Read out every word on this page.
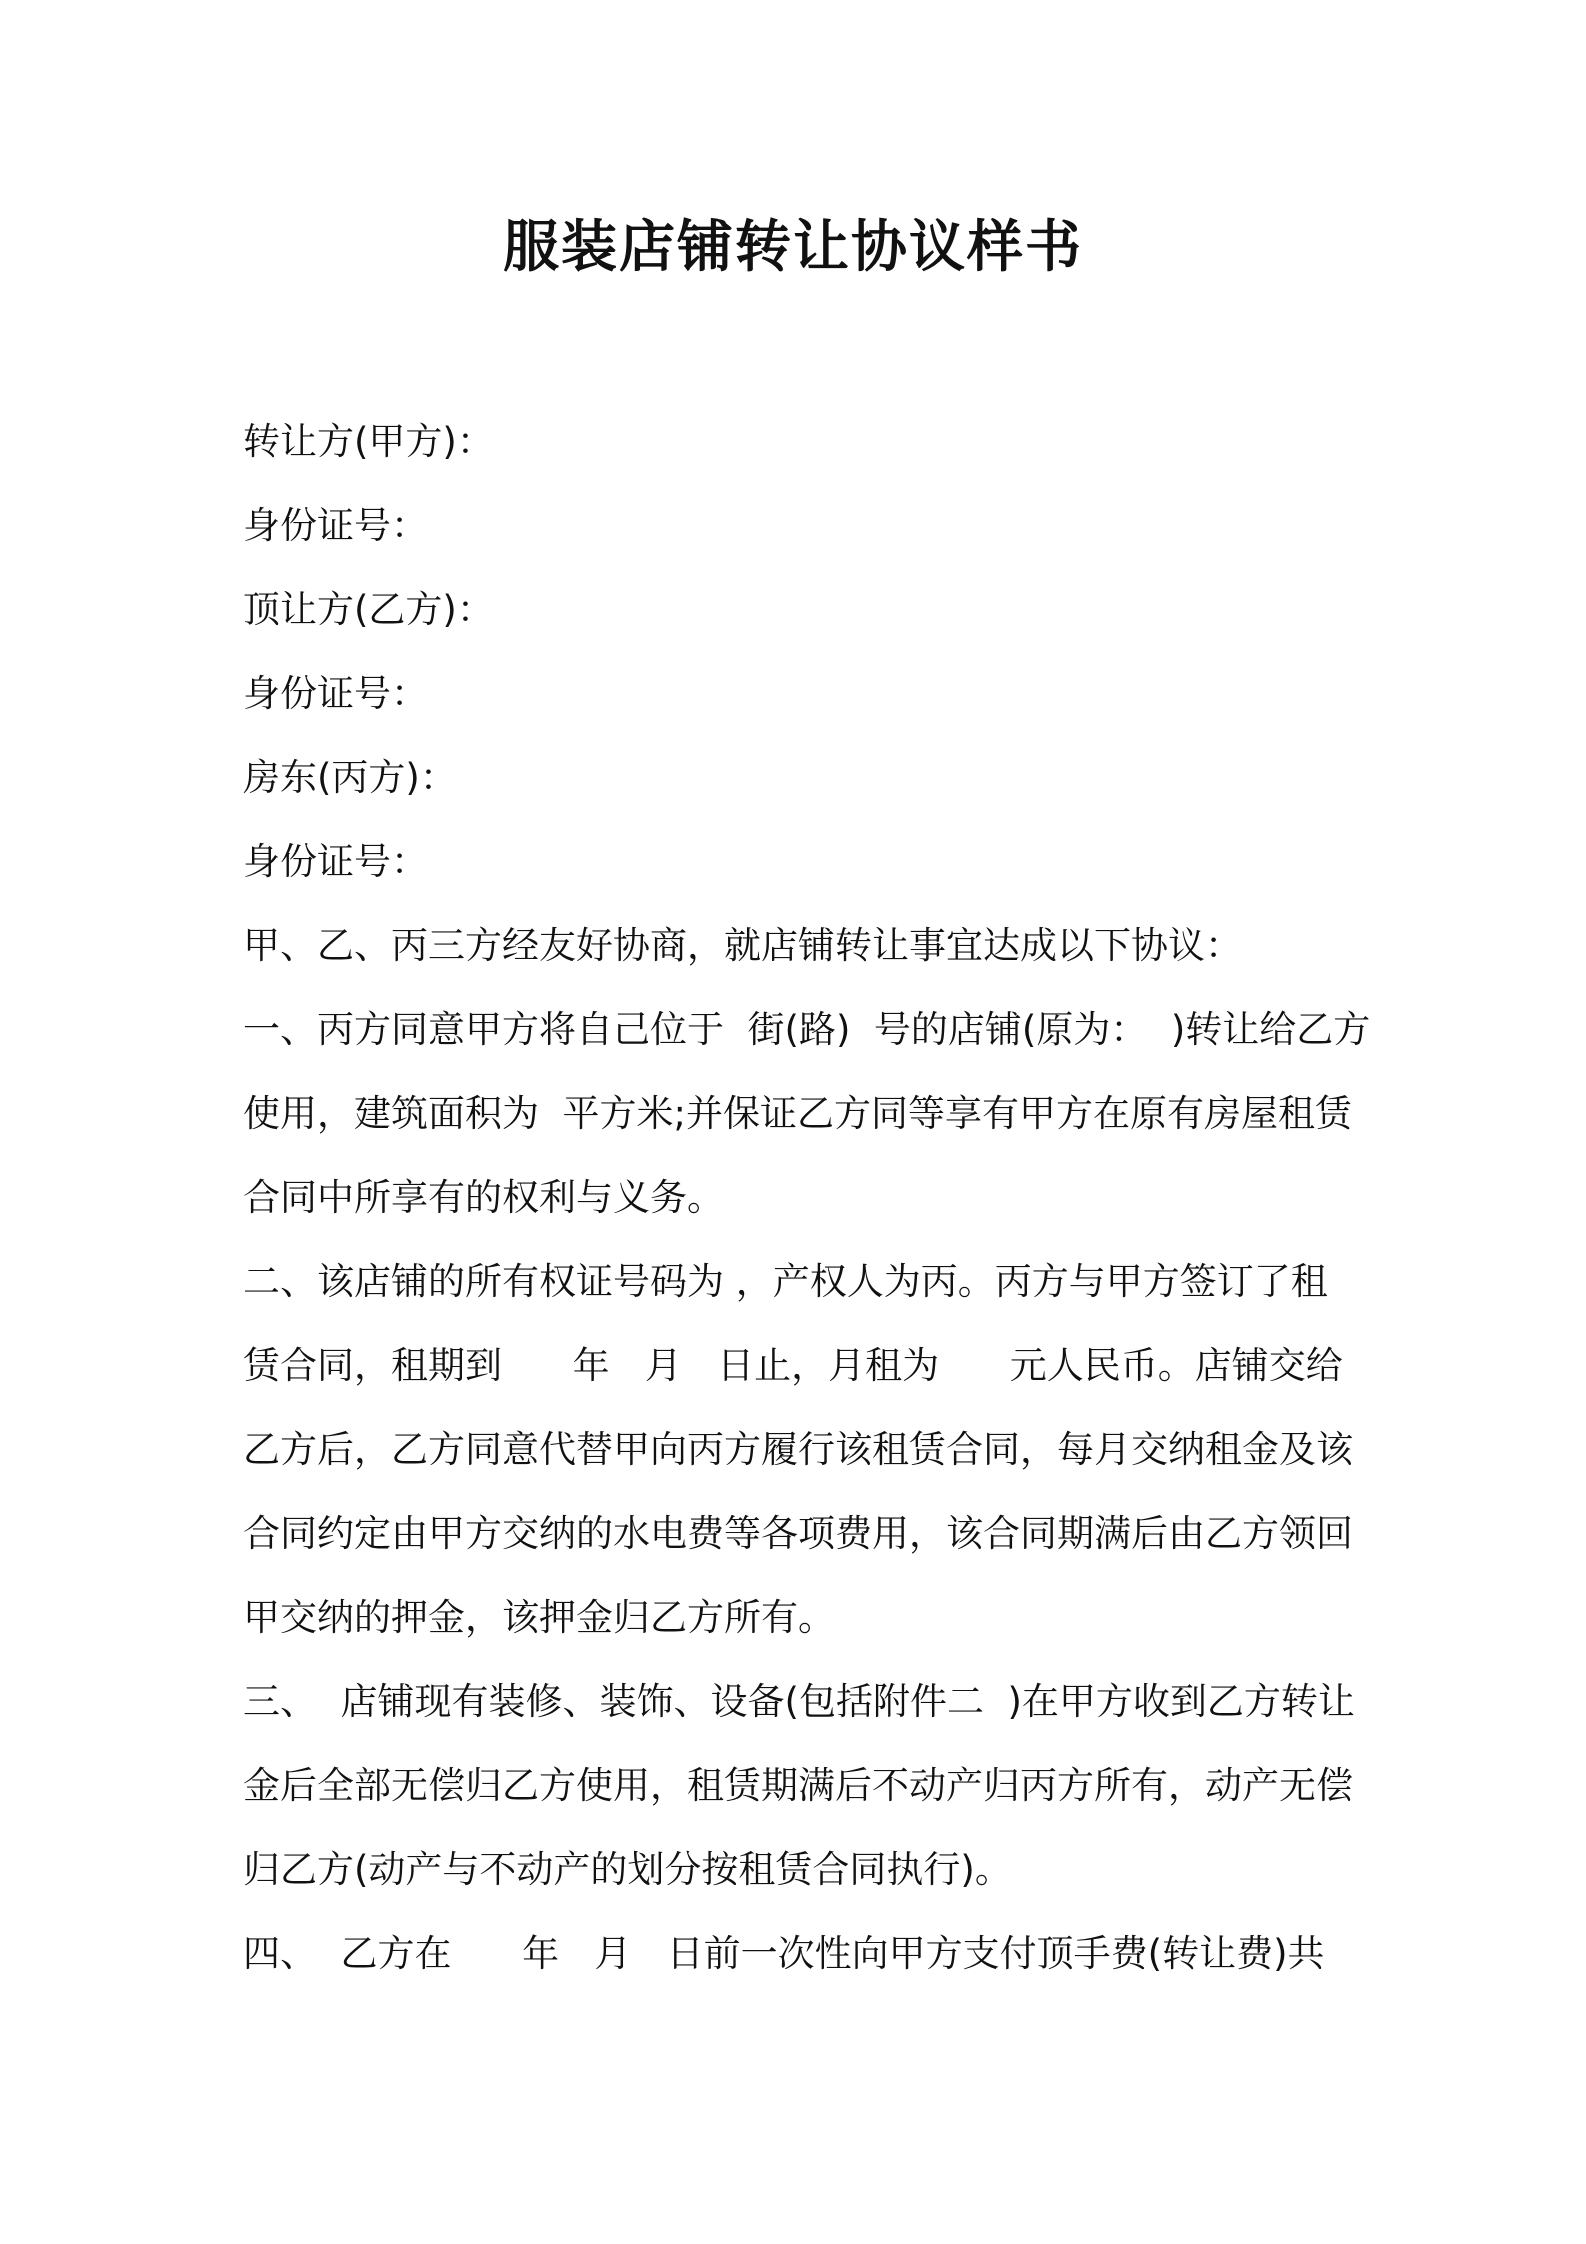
服装店铺转让协议样书
转让方(甲方)：
身份证号：
顶让方(乙方)：
身份证号：
房东(丙方)：
身份证号：
甲、乙、丙三方经友好协商，就店铺转让事宜达成以下协议：
一、丙方同意甲方将自己位于  街(路)  号的店铺(原为：  )转让给乙方
使用，建筑面积为  平方米;并保证乙方同等享有甲方在原有房屋租赁
合同中所享有的权利与义务。
二、该店铺的所有权证号码为 ，产权人为丙。丙方与甲方签订了租
赁合同，租期到      年   月   日止，月租为      元人民币。店铺交给
乙方后，乙方同意代替甲向丙方履行该租赁合同，每月交纳租金及该
合同约定由甲方交纳的水电费等各项费用，该合同期满后由乙方领回
甲交纳的押金，该押金归乙方所有。
三、  店铺现有装修、装饰、设备(包括附件二  )在甲方收到乙方转让
金后全部无偿归乙方使用，租赁期满后不动产归丙方所有，动产无偿
归乙方(动产与不动产的划分按租赁合同执行)。
四、  乙方在      年   月   日前一次性向甲方支付顶手费(转让费)共
